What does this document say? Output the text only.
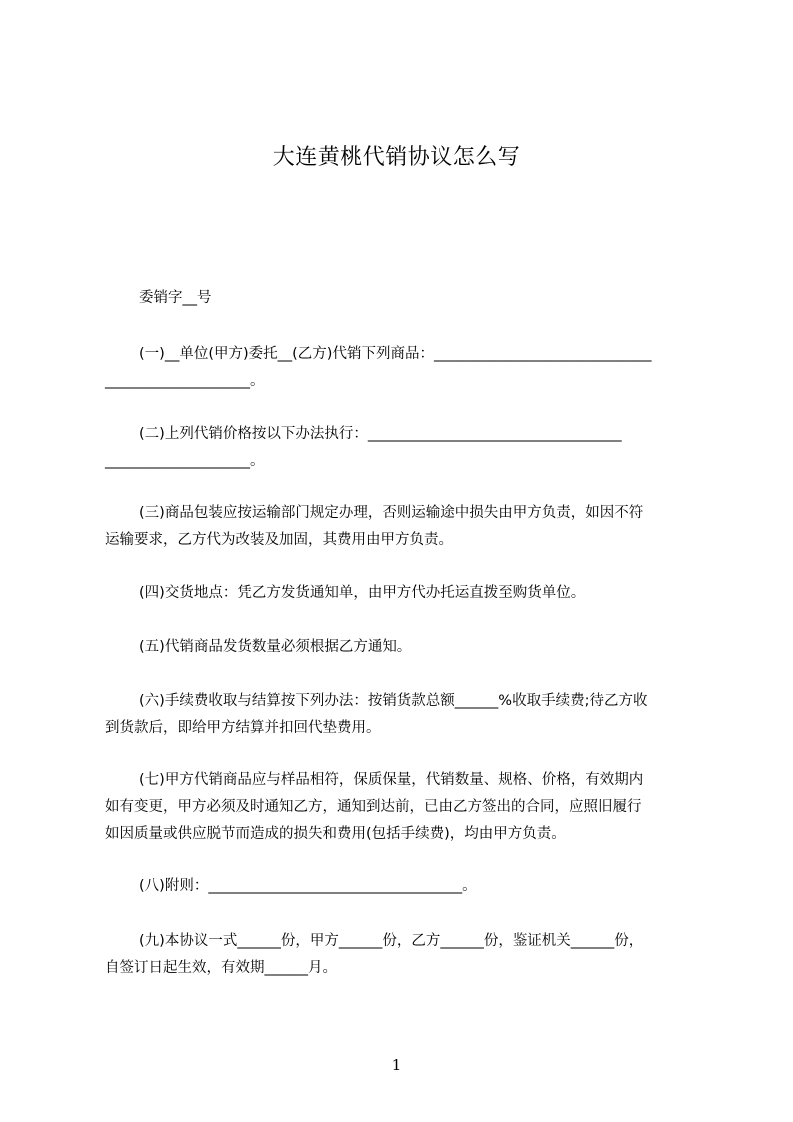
大连黄桃代销协议怎么写

委销字__号

(一)__单位(甲方)委托__(乙方)代销下列商品：______________________________

____________________。

(二)上列代销价格按以下办法执行：___________________________________

____________________。

(三)商品包装应按运输部门规定办理，否则运输途中损失由甲方负责，如因不符

运输要求，乙方代为改装及加固，其费用由甲方负责。

(四)交货地点：凭乙方发货通知单，由甲方代办托运直拨至购货单位。

(五)代销商品发货数量必须根据乙方通知。

(六)手续费收取与结算按下列办法：按销货款总额______%收取手续费;待乙方收

到货款后，即给甲方结算并扣回代垫费用。

(七)甲方代销商品应与样品相符，保质保量，代销数量、规格、价格，有效期内

如有变更，甲方必须及时通知乙方，通知到达前，已由乙方签出的合同，应照旧履行

如因质量或供应脱节而造成的损失和费用(包括手续费)，均由甲方负责。

(八)附则：___________________________________。

(九)本协议一式______份，甲方______份，乙方______份，鉴证机关______份，

自签订日起生效，有效期______月。

1
